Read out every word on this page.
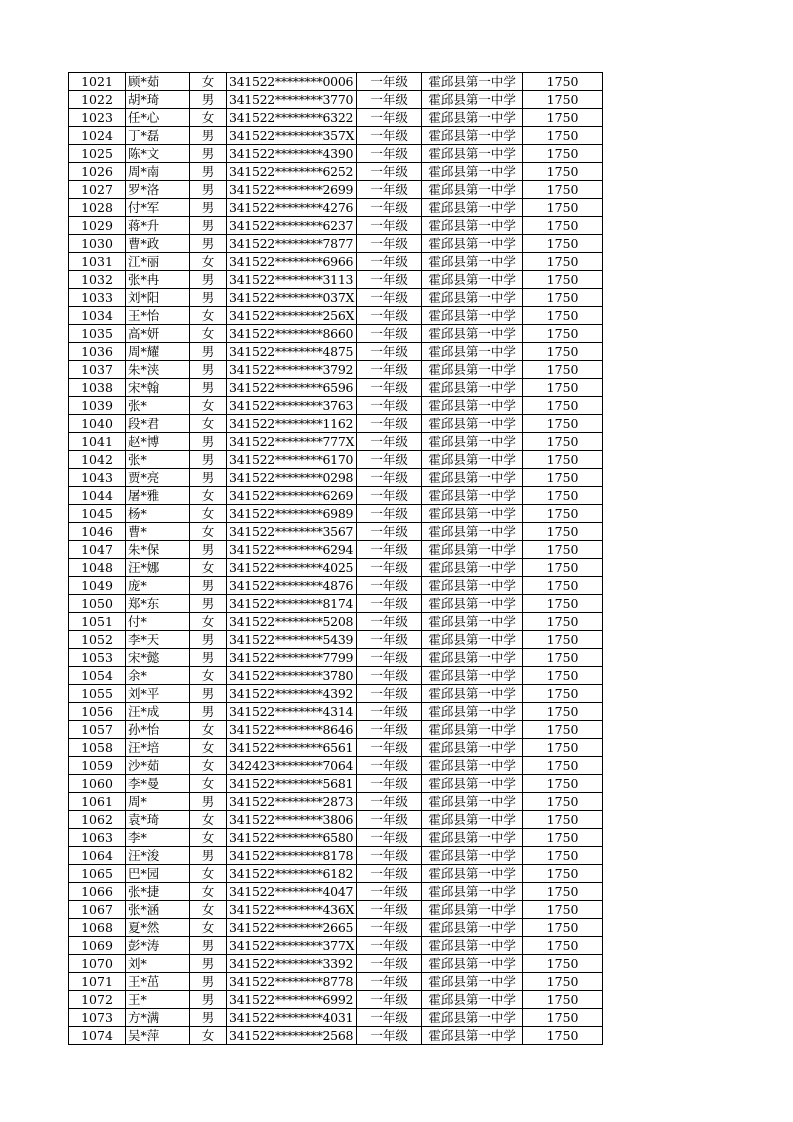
1021	顾*茹	女	341522********0006	一年级	霍邱县第一中学	1750
1022	胡*琦	男	341522********3770	一年级	霍邱县第一中学	1750
1023	任*心	女	341522********6322	一年级	霍邱县第一中学	1750
1024	丁*磊	男	341522********357X	一年级	霍邱县第一中学	1750
1025	陈*文	男	341522********4390	一年级	霍邱县第一中学	1750
1026	周*南	男	341522********6252	一年级	霍邱县第一中学	1750
1027	罗*洛	男	341522********2699	一年级	霍邱县第一中学	1750
1028	付*军	男	341522********4276	一年级	霍邱县第一中学	1750
1029	蒋*升	男	341522********6237	一年级	霍邱县第一中学	1750
1030	曹*政	男	341522********7877	一年级	霍邱县第一中学	1750
1031	江*丽	女	341522********6966	一年级	霍邱县第一中学	1750
1032	张*冉	男	341522********3113	一年级	霍邱县第一中学	1750
1033	刘*阳	男	341522********037X	一年级	霍邱县第一中学	1750
1034	王*怡	女	341522********256X	一年级	霍邱县第一中学	1750
1035	高*妍	女	341522********8660	一年级	霍邱县第一中学	1750
1036	周*耀	男	341522********4875	一年级	霍邱县第一中学	1750
1037	朱*浃	男	341522********3792	一年级	霍邱县第一中学	1750
1038	宋*翰	男	341522********6596	一年级	霍邱县第一中学	1750
1039	张*	女	341522********3763	一年级	霍邱县第一中学	1750
1040	段*君	女	341522********1162	一年级	霍邱县第一中学	1750
1041	赵*博	男	341522********777X	一年级	霍邱县第一中学	1750
1042	张*	男	341522********6170	一年级	霍邱县第一中学	1750
1043	贾*亮	男	341522********0298	一年级	霍邱县第一中学	1750
1044	屠*雅	女	341522********6269	一年级	霍邱县第一中学	1750
1045	杨*	女	341522********6989	一年级	霍邱县第一中学	1750
1046	曹*	女	341522********3567	一年级	霍邱县第一中学	1750
1047	朱*保	男	341522********6294	一年级	霍邱县第一中学	1750
1048	汪*娜	女	341522********4025	一年级	霍邱县第一中学	1750
1049	庞*	男	341522********4876	一年级	霍邱县第一中学	1750
1050	郑*东	男	341522********8174	一年级	霍邱县第一中学	1750
1051	付*	女	341522********5208	一年级	霍邱县第一中学	1750
1052	李*天	男	341522********5439	一年级	霍邱县第一中学	1750
1053	宋*懿	男	341522********7799	一年级	霍邱县第一中学	1750
1054	余*	女	341522********3780	一年级	霍邱县第一中学	1750
1055	刘*平	男	341522********4392	一年级	霍邱县第一中学	1750
1056	汪*成	男	341522********4314	一年级	霍邱县第一中学	1750
1057	孙*怡	女	341522********8646	一年级	霍邱县第一中学	1750
1058	汪*培	女	341522********6561	一年级	霍邱县第一中学	1750
1059	沙*茹	女	342423********7064	一年级	霍邱县第一中学	1750
1060	李*曼	女	341522********5681	一年级	霍邱县第一中学	1750
1061	周*	男	341522********2873	一年级	霍邱县第一中学	1750
1062	袁*琦	女	341522********3806	一年级	霍邱县第一中学	1750
1063	李*	女	341522********6580	一年级	霍邱县第一中学	1750
1064	汪*浚	男	341522********8178	一年级	霍邱县第一中学	1750
1065	巴*园	女	341522********6182	一年级	霍邱县第一中学	1750
1066	张*捷	女	341522********4047	一年级	霍邱县第一中学	1750
1067	张*涵	女	341522********436X	一年级	霍邱县第一中学	1750
1068	夏*然	女	341522********2665	一年级	霍邱县第一中学	1750
1069	彭*涛	男	341522********377X	一年级	霍邱县第一中学	1750
1070	刘*	男	341522********3392	一年级	霍邱县第一中学	1750
1071	王*茁	男	341522********8778	一年级	霍邱县第一中学	1750
1072	王*	男	341522********6992	一年级	霍邱县第一中学	1750
1073	方*满	男	341522********4031	一年级	霍邱县第一中学	1750
1074	吴*萍	女	341522********2568	一年级	霍邱县第一中学	1750
